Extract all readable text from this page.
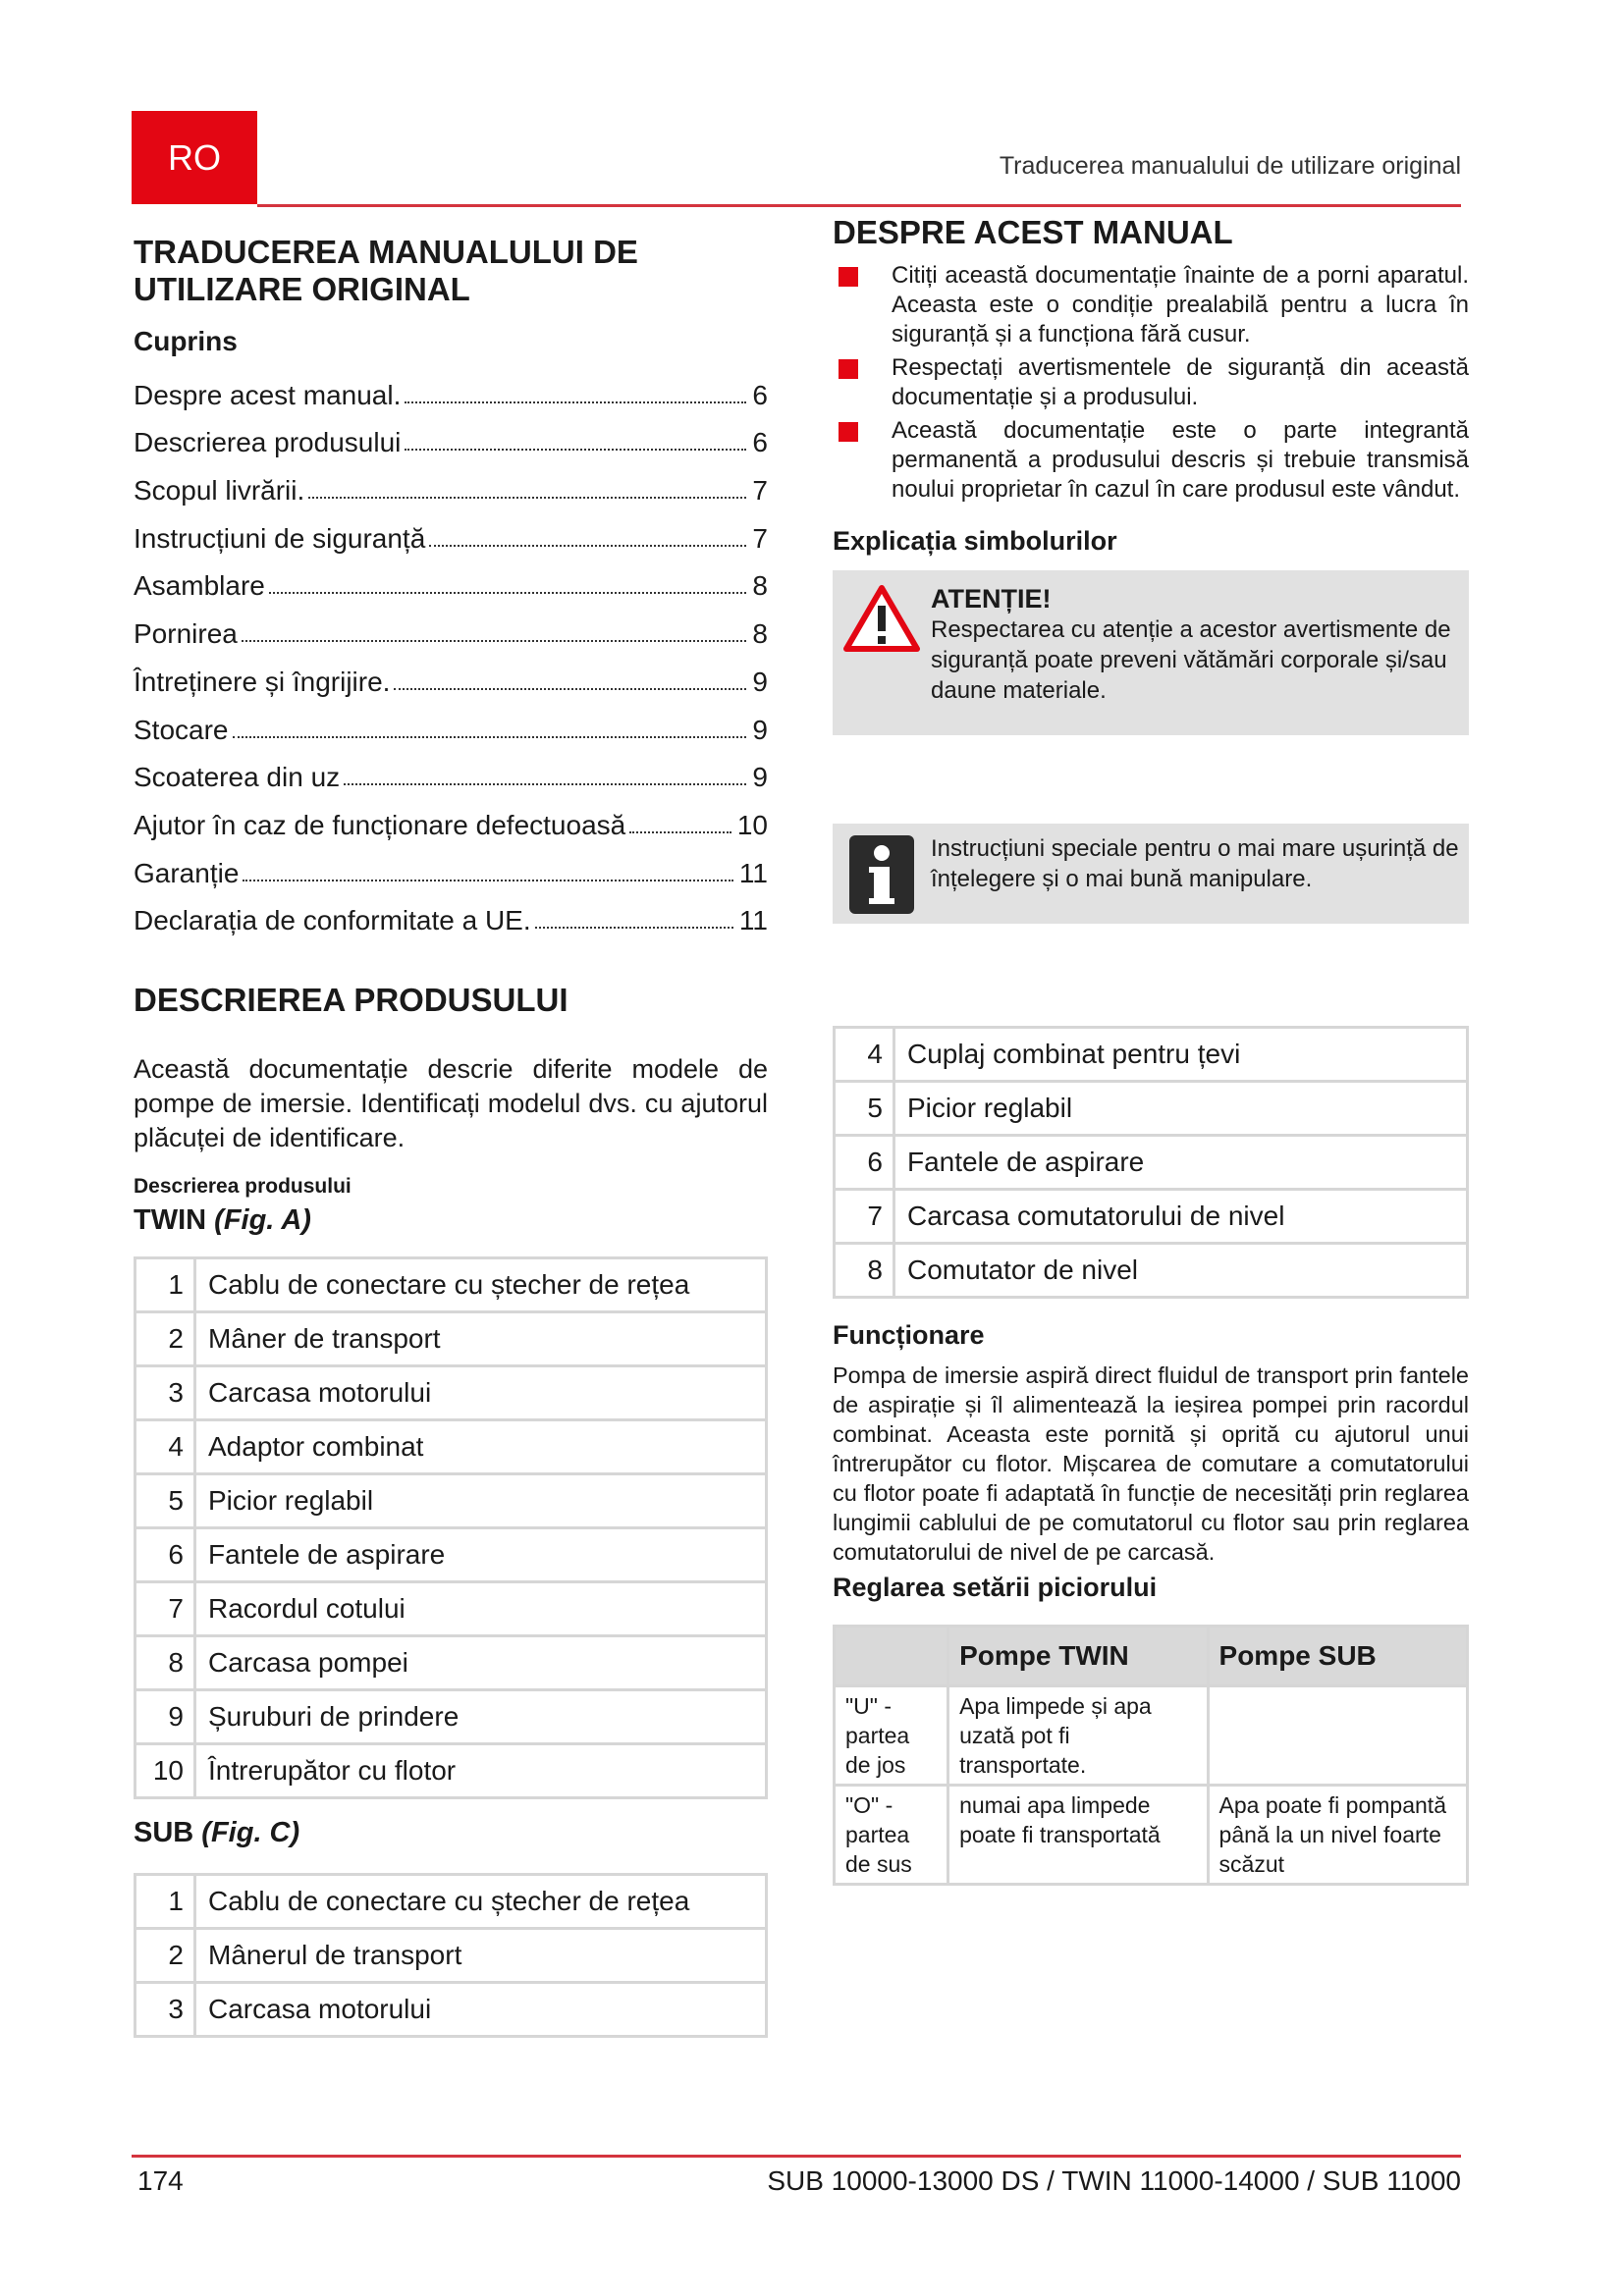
RO	Traducerea manualului de utilizare original
TRADUCEREA MANUALULUI DE UTILIZARE ORIGINAL
Cuprins
Despre acest manual.	6
Descrierea produsului	6
Scopul livrării.	7
Instrucțiuni de siguranță	7
Asamblare	8
Pornirea	8
Întreținere și îngrijire.	9
Stocare	9
Scoaterea din uz	9
Ajutor în caz de funcționare defectuoasă	10
Garanție	11
Declarația de conformitate a UE.	11
DESCRIEREA PRODUSULUI

Această documentație descrie diferite modele de pompe de imersie. Identificați modelul dvs. cu ajutorul plăcuței de identificare.

Descrierea produsului

TWIN (Fig. A)

1	Cablu de conectare cu ștecher de rețea
2	Mâner de transport
3	Carcasa motorului
4	Adaptor combinat
5	Picior reglabil
6	Fantele de aspirare
7	Racordul cotului
8	Carcasa pompei
9	Șuruburi de prindere
10	Întrerupător cu flotor

SUB (Fig. C)

1	Cablu de conectare cu ștecher de rețea
2	Mânerul de transport
3	Carcasa motorului
DESPRE ACEST MANUAL
Citiți această documentație înainte de a porni aparatul. Aceasta este o condiție prealabilă pentru a lucra în siguranță și a funcționa fără cusur.
Respectați avertismentele de siguranță din această documentație și a produsului.
Această documentație este o parte integrantă permanentă a produsului descris și trebuie transmisă noului proprietar în cazul în care produsul este vândut.
Explicația simbolurilor
ATENȚIE!
Respectarea cu atenție a acestor avertismente de siguranță poate preveni vătămări corporale și/sau daune materiale.
Instrucțiuni speciale pentru o mai mare ușurință de înțelegere și o mai bună manipulare.
4	Cuplaj combinat pentru țevi
5	Picior reglabil
6	Fantele de aspirare
7	Carcasa comutatorului de nivel
8	Comutator de nivel
Funcționare

Pompa de imersie aspiră direct fluidul de transport prin fantele de aspirație și îl alimentează la ieșirea pompei prin racordul combinat. Aceasta este pornită și oprită cu ajutorul unui întrerupător cu flotor. Mișcarea de comutare a comutatorului cu flotor poate fi adaptată în funcție de necesități prin reglarea lungimii cablului de pe comutatorul cu flotor sau prin reglarea comutatorului de nivel de pe carcasă.

Reglarea setării piciorului
	Pompe TWIN	Pompe SUB
"U" - partea de jos	Apa limpede și apa uzată pot fi transportate.	
"O" - partea de sus	numai apa limpede poate fi transportată	Apa poate fi pompantă până la un nivel foarte scăzut
174	SUB 10000-13000 DS / TWIN 11000-14000 / SUB 11000
